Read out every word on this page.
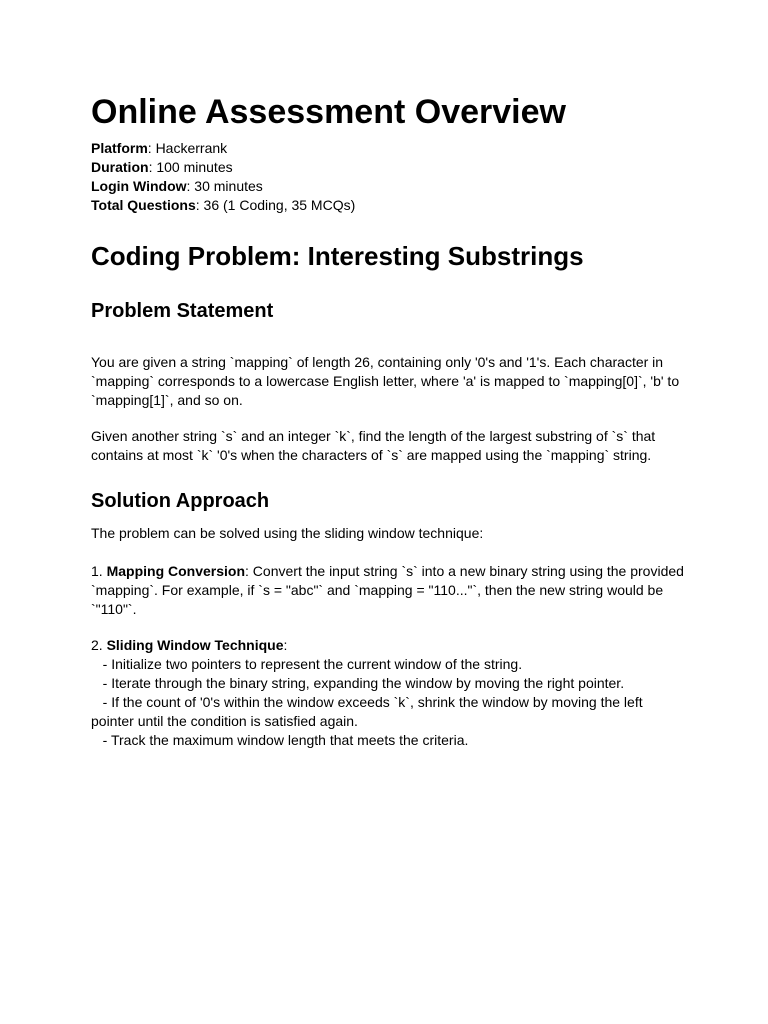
Online Assessment Overview
Platform: Hackerrank
Duration: 100 minutes
Login Window: 30 minutes
Total Questions: 36 (1 Coding, 35 MCQs)
Coding Problem: Interesting Substrings
Problem Statement
You are given a string `mapping` of length 26, containing only '0's and '1's. Each character in
`mapping` corresponds to a lowercase English letter, where 'a' is mapped to `mapping[0]`, 'b' to
`mapping[1]`, and so on.
Given another string `s` and an integer `k`, find the length of the largest substring of `s` that
contains at most `k` '0's when the characters of `s` are mapped using the `mapping` string.
Solution Approach
The problem can be solved using the sliding window technique:
1. Mapping Conversion: Convert the input string `s` into a new binary string using the provided
`mapping`. For example, if `s = "abc"` and `mapping = "110..."`, then the new string would be
`"110"`.
2. Sliding Window Technique:
- Initialize two pointers to represent the current window of the string.
- Iterate through the binary string, expanding the window by moving the right pointer.
- If the count of '0's within the window exceeds `k`, shrink the window by moving the left
pointer until the condition is satisfied again.
- Track the maximum window length that meets the criteria.
